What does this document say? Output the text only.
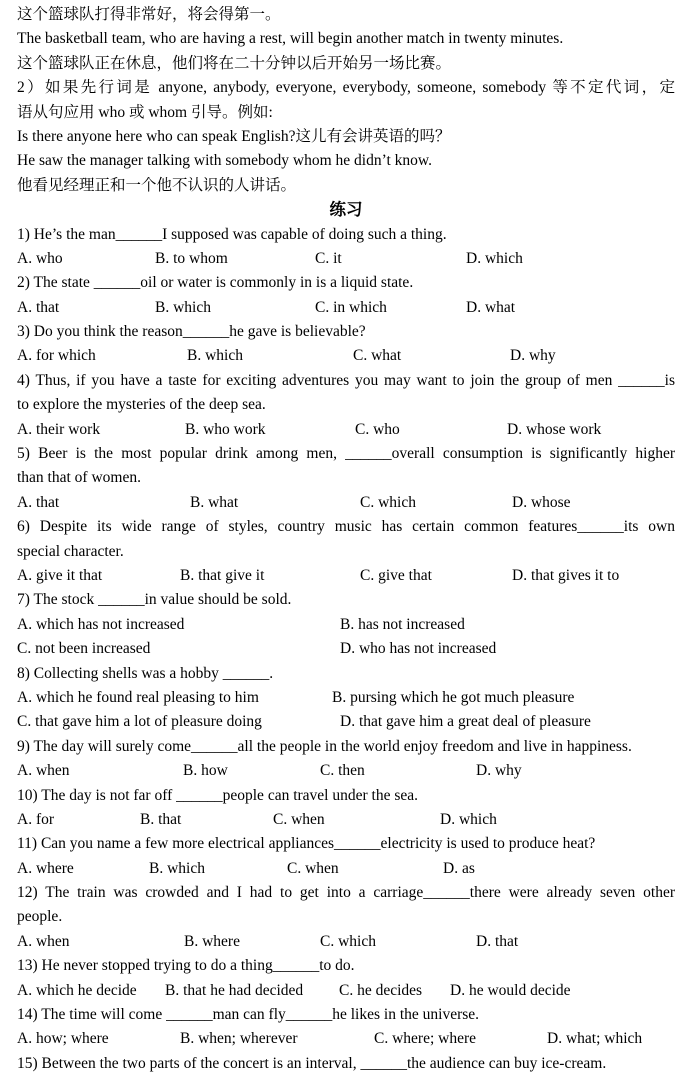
这个篮球队打得非常好，将会得第一。
The basketball team, who are having a rest, will begin another match in twenty minutes.
这个篮球队正在休息，他们将在二十分钟以后开始另一场比赛。
2）如果先行词是 anyone, anybody, everyone, everybody, someone, somebody 等不定代词，定
语从句应用 who 或 whom 引导。例如:
Is there anyone here who can speak English?这儿有会讲英语的吗？
He saw the manager talking with somebody whom he didn’t know.
他看见经理正和一个他不认识的人讲话。
练习
1) He’s the man______I supposed was capable of doing such a thing.
A. who	B. to whom	C. it	D. which
2) The state ______oil or water is commonly in is a liquid state.
A. that	B. which	C. in which	D. what
3) Do you think the reason______he gave is believable?
A. for which	B. which	C. what	D. why
4) Thus, if you have a taste for exciting adventures you may want to join the group of men ______is
to explore the mysteries of the deep sea.
A. their work	B. who work	C. who	D. whose work
5) Beer is the most popular drink among men, ______overall consumption is significantly higher
than that of women.
A. that	B. what	C. which	D. whose
6) Despite its wide range of styles, country music has certain common features______its own
special character.
A. give it that	B. that give it	C. give that	D. that gives it to
7) The stock ______in value should be sold.
A. which has not increased	B. has not increased
C. not been increased	D. who has not increased
8) Collecting shells was a hobby ______.
A. which he found real pleasing to him	B. pursing which he got much pleasure
C. that gave him a lot of pleasure doing	D. that gave him a great deal of pleasure
9) The day will surely come______all the people in the world enjoy freedom and live in happiness.
A. when	B. how	C. then	D. why
10) The day is not far off ______people can travel under the sea.
A. for	B. that	C. when	D. which
11) Can you name a few more electrical appliances______electricity is used to produce heat?
A. where	B. which	C. when	D. as
12) The train was crowded and I had to get into a carriage______there were already seven other
people.
A. when	B. where	C. which	D. that
13) He never stopped trying to do a thing______to do.
A. which he decide B. that he had decided C. he decides D. he would decide
14) The time will come ______man can fly______he likes in the universe.
A. how; where	B. when; wherever	C. where; where	D. what; which
15) Between the two parts of the concert is an interval, ______the audience can buy ice-cream.
